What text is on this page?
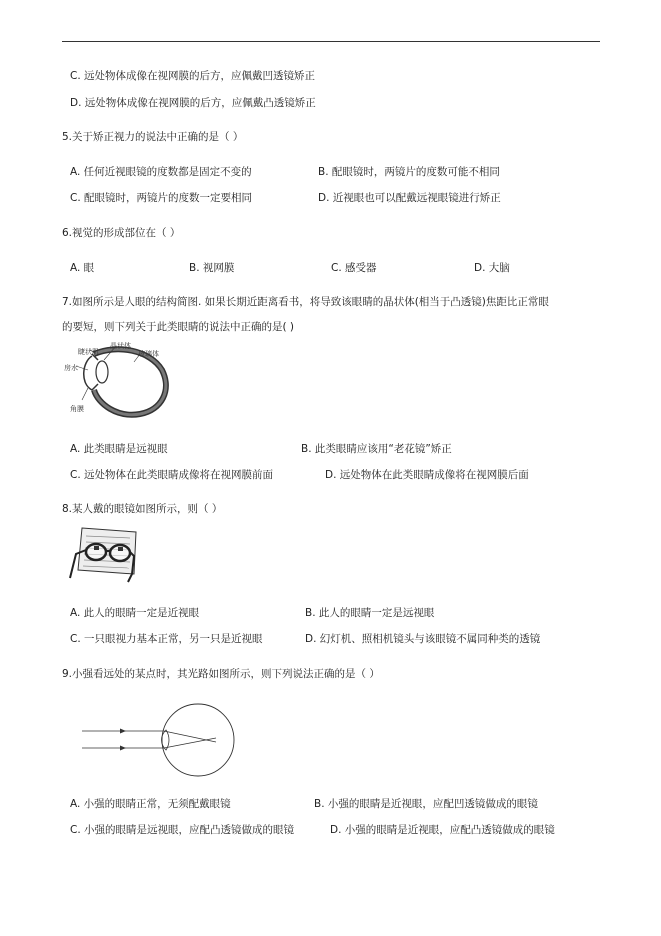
C. 远处物体成像在视网膜的后方，应佩戴凹透镜矫正
D. 远处物体成像在视网膜的后方，应佩戴凸透镜矫正
5.关于矫正视力的说法中正确的是（ ）
A. 任何近视眼镜的度数都是固定不变的	B. 配眼镜时，两镜片的度数可能不相同
C. 配眼镜时，两镜片的度数一定要相同	D. 近视眼也可以配戴远视眼镜进行矫正
6.视觉的形成部位在（ ）
A. 眼	B. 视网膜	C. 感受器	D. 大脑
7.如图所示是人眼的结构简图. 如果长期近距离看书，将导致该眼睛的晶状体(相当于凸透镜)焦距比正常眼
的要短，则下列关于此类眼睛的说法中正确的是( )
睫状肌
晶状体
玻璃体
房水
角膜
A. 此类眼睛是远视眼	B. 此类眼睛应该用“老花镜”矫正
C. 远处物体在此类眼睛成像将在视网膜前面	D. 远处物体在此类眼睛成像将在视网膜后面
8.某人戴的眼镜如图所示，则（ ）
A. 此人的眼睛一定是近视眼	B. 此人的眼睛一定是远视眼
C. 一只眼视力基本正常，另一只是近视眼	D. 幻灯机、照相机镜头与该眼镜不属同种类的透镜
9.小强看远处的某点时，其光路如图所示，则下列说法正确的是（ ）
A. 小强的眼睛正常，无须配戴眼镜	B. 小强的眼睛是近视眼，应配凹透镜做成的眼镜
C. 小强的眼睛是远视眼，应配凸透镜做成的眼镜	D. 小强的眼睛是近视眼，应配凸透镜做成的眼镜
